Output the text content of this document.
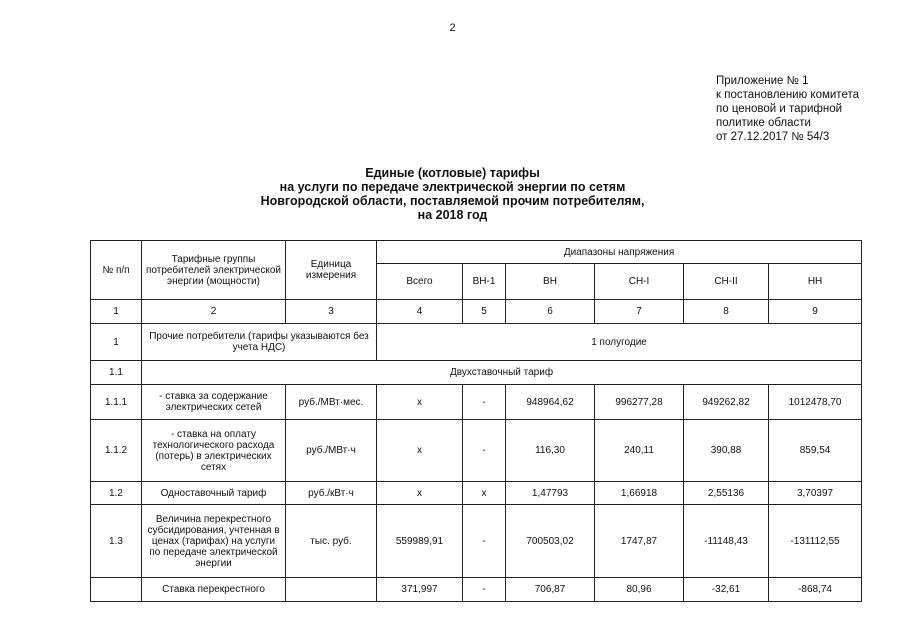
2
Приложение № 1
к постановлению комитета
по ценовой и тарифной
политике области
от 27.12.2017 № 54/3
Единые (котловые) тарифы
на услуги по передаче электрической энергии по сетям
Новгородской области, поставляемой прочим потребителям,
на 2018 год
№ п/п	Тарифные группы потребителей электрической энергии (мощности)	Единица измерения	Диапазоны напряжения					
			Всего	ВН-1	ВН	СН-I	СН-II	НН
1	2	3	4	5	6	7	8	9
1	Прочие потребители (тарифы указываются без учета НДС)		1 полугодие					
1.1	Двухставочный тариф							
1.1.1	- ставка за содержание электрических сетей	руб./МВт·мес.	х	-	948964,62	996277,28	949262,82	1012478,70
1.1.2	- ставка на оплату технологического расхода (потерь) в электрических сетях	руб./МВт·ч	х	-	116,30	240,11	390,88	859,54
1.2	Одноставочный тариф	руб./кВт·ч	х	х	1,47793	1,66918	2,55136	3,70397
1.3	Величина перекрестного субсидирования, учтенная в ценах (тарифах) на услуги по передаче электрической энергии	тыс. руб.	559989,91	-	700503,02	1747,87	-11148,43	-131112,55
	Ставка перекрестного		371,997	-	706,87	80,96	-32,61	-868,74
